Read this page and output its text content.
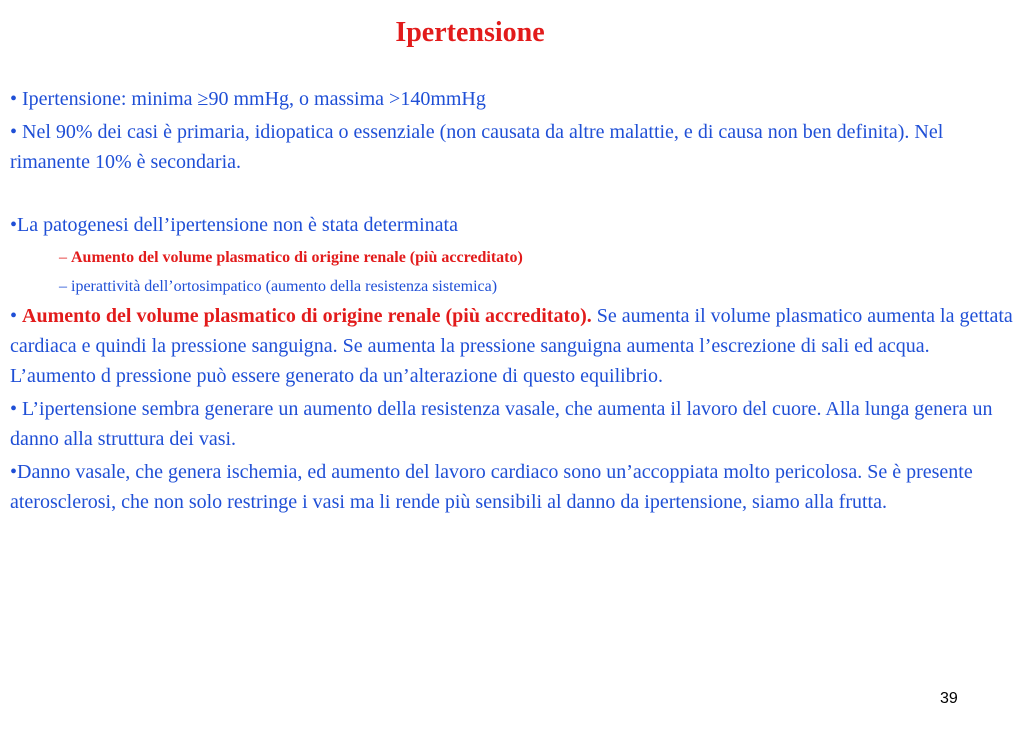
Ipertensione

• Ipertensione: minima ≥90 mmHg, o massima >140mmHg

• Nel 90% dei casi è primaria, idiopatica o essenziale (non causata da altre malattie, e di causa non ben definita). Nel rimanente 10% è secondaria.

•La patogenesi dell’ipertensione non è stata determinata

– Aumento del volume plasmatico di origine renale (più accreditato)

– iperattività dell’ortosimpatico (aumento della resistenza sistemica)

• Aumento del volume plasmatico di origine renale (più accreditato). Se aumenta il volume plasmatico aumenta la gettata cardiaca e quindi la pressione sanguigna. Se aumenta la pressione sanguigna aumenta l’escrezione di sali ed acqua. L’aumento d pressione può essere generato da un’alterazione di questo equilibrio.

• L’ipertensione sembra generare un aumento della resistenza vasale, che aumenta il lavoro del cuore. Alla lunga genera un danno alla struttura dei vasi.

•Danno vasale, che genera ischemia, ed aumento del lavoro cardiaco sono un’accoppiata molto pericolosa. Se è presente aterosclerosi, che non solo restringe i vasi ma li rende più sensibili al danno da ipertensione, siamo alla frutta.

39
